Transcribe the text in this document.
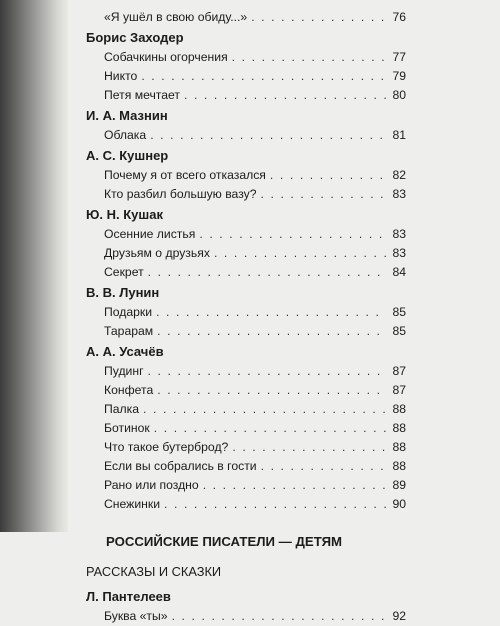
«Я ушёл в свою обиду...» . . .	76
Борис Заходер
Собачкины огорчения . . .	77
Никто . . .	79
Петя мечтает . . .	80
И. А. Мазнин
Облака . . .	81
А. С. Кушнер
Почему я от всего отказался . . .	82
Кто разбил большую вазу? . . .	83
Ю. Н. Кушак
Осенние листья . . .	83
Друзьям о друзьях . . .	83
Секрет . . .	84
В. В. Лунин
Подарки . . .	85
Тарарам . . .	85
А. А. Усачёв
Пудинг . . .	87
Конфета . . .	87
Палка . . .	88
Ботинок . . .	88
Что такое бутерброд? . . .	88
Если вы собрались в гости . . .	88
Рано или поздно . . .	89
Снежинки . . .	90
РОССИЙСКИЕ ПИСАТЕЛИ — ДЕТЯМ
РАССКАЗЫ И СКАЗКИ
Л. Пантелеев
Буква «ты» . . .	92
